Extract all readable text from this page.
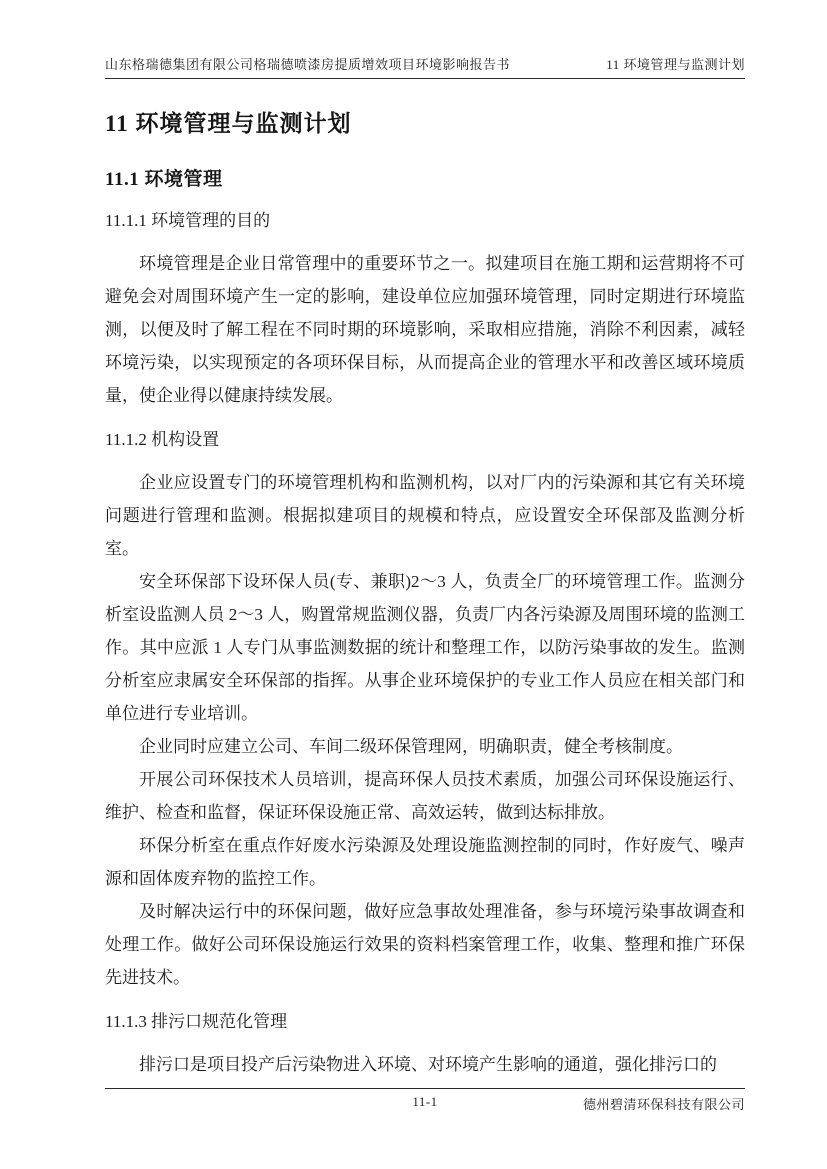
山东格瑞德集团有限公司格瑞德喷漆房提质增效项目环境影响报告书	11 环境管理与监测计划
11 环境管理与监测计划
11.1 环境管理
11.1.1 环境管理的目的

环境管理是企业日常管理中的重要环节之一。拟建项目在施工期和运营期将不可避免会对周围环境产生一定的影响，建设单位应加强环境管理，同时定期进行环境监测，以便及时了解工程在不同时期的环境影响，采取相应措施，消除不利因素，减轻环境污染，以实现预定的各项环保目标，从而提高企业的管理水平和改善区域环境质量，使企业得以健康持续发展。

11.1.2 机构设置

企业应设置专门的环境管理机构和监测机构，以对厂内的污染源和其它有关环境问题进行管理和监测。根据拟建项目的规模和特点，应设置安全环保部及监测分析室。

安全环保部下设环保人员(专、兼职)2～3 人，负责全厂的环境管理工作。监测分析室设监测人员 2～3 人，购置常规监测仪器，负责厂内各污染源及周围环境的监测工作。其中应派 1 人专门从事监测数据的统计和整理工作，以防污染事故的发生。监测分析室应隶属安全环保部的指挥。从事企业环境保护的专业工作人员应在相关部门和单位进行专业培训。

企业同时应建立公司、车间二级环保管理网，明确职责，健全考核制度。

开展公司环保技术人员培训，提高环保人员技术素质，加强公司环保设施运行、维护、检查和监督，保证环保设施正常、高效运转，做到达标排放。

环保分析室在重点作好废水污染源及处理设施监测控制的同时，作好废气、噪声源和固体废弃物的监控工作。

及时解决运行中的环保问题，做好应急事故处理准备，参与环境污染事故调查和处理工作。做好公司环保设施运行效果的资料档案管理工作，收集、整理和推广环保先进技术。

11.1.3 排污口规范化管理

排污口是项目投产后污染物进入环境、对环境产生影响的通道，强化排污口的

11-1	德州碧清环保科技有限公司
